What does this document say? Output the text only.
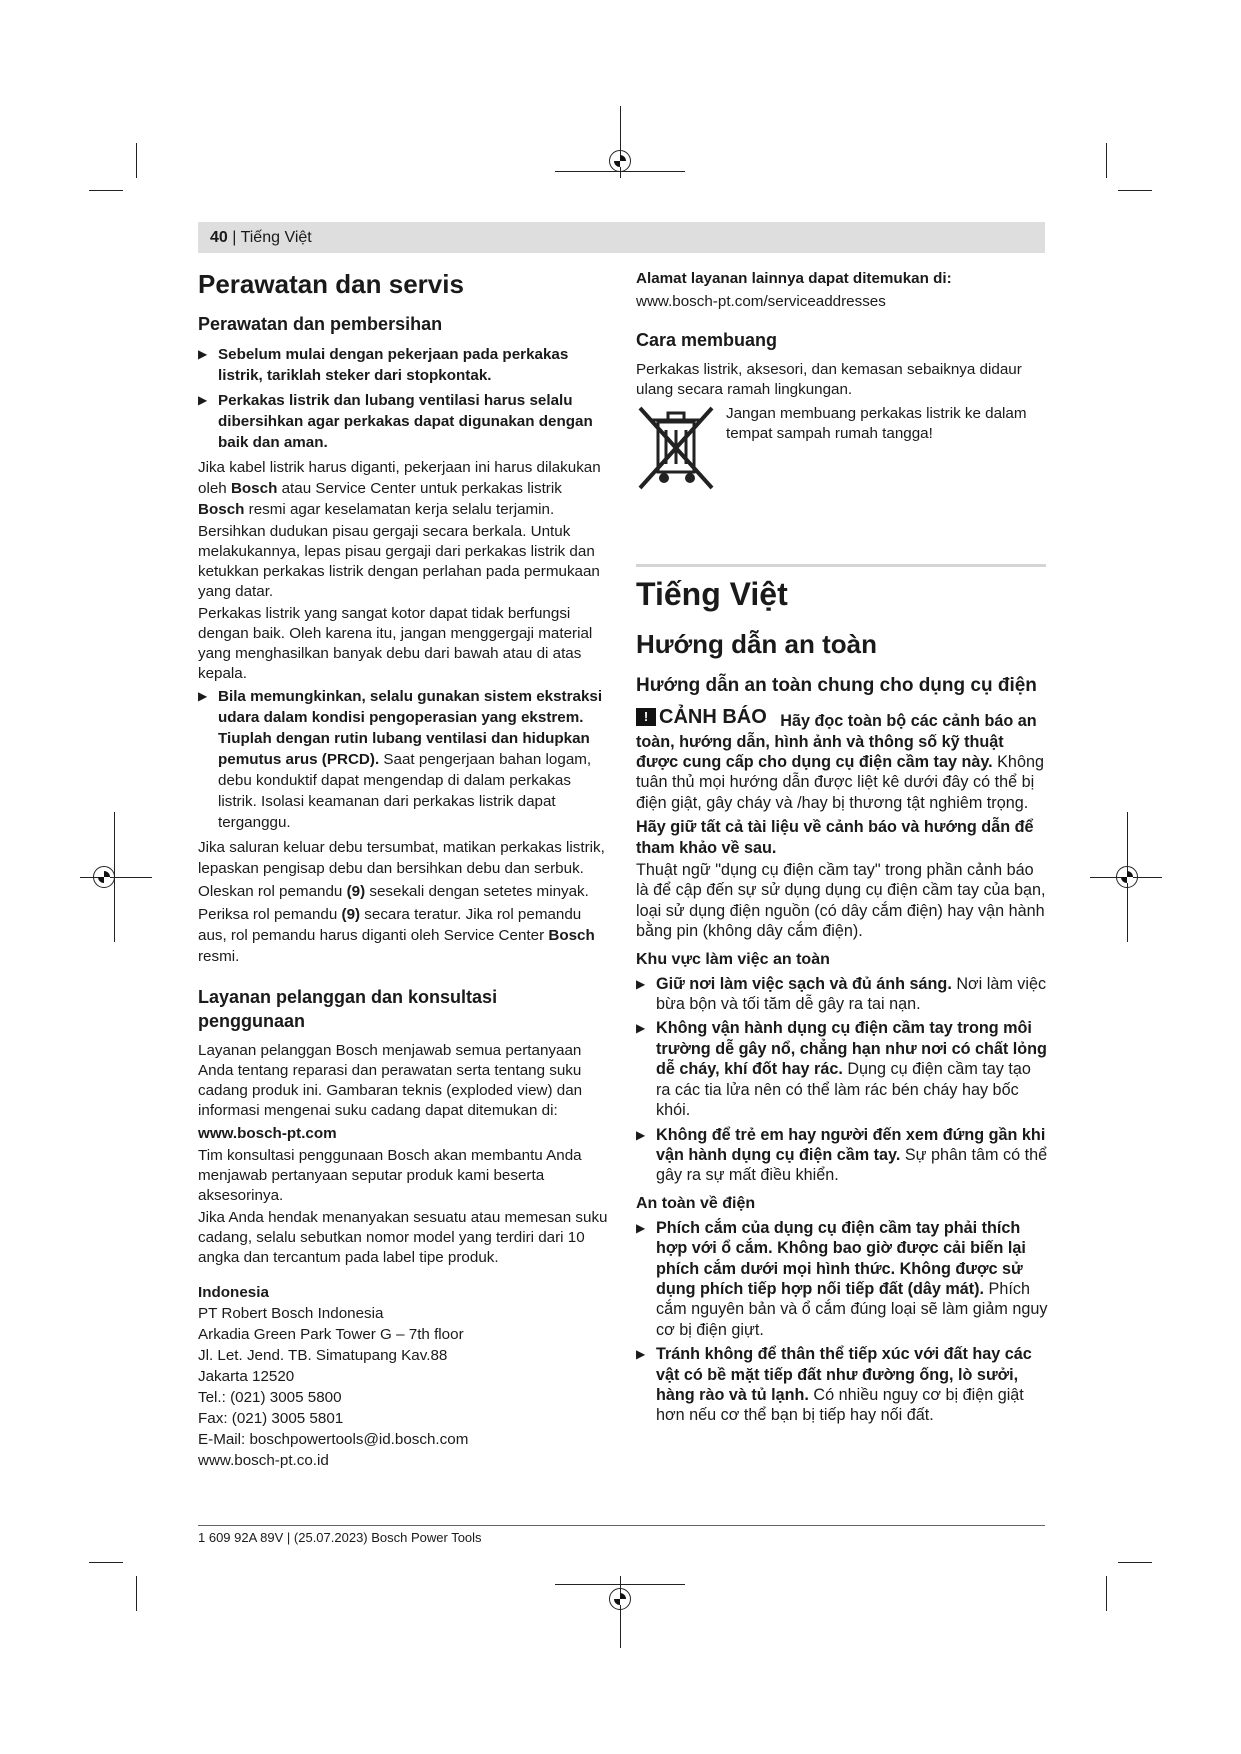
40 | Tiếng Việt
Perawatan dan servis
Perawatan dan pembersihan
▶ Sebelum mulai dengan pekerjaan pada perkakas listrik, tariklah steker dari stopkontak.
▶ Perkakas listrik dan lubang ventilasi harus selalu dibersihkan agar perkakas dapat digunakan dengan baik dan aman.

Jika kabel listrik harus diganti, pekerjaan ini harus dilakukan oleh Bosch atau Service Center untuk perkakas listrik Bosch resmi agar keselamatan kerja selalu terjamin.

Bersihkan dudukan pisau gergaji secara berkala. Untuk melakukannya, lepas pisau gergaji dari perkakas listrik dan ketukkan perkakas listrik dengan perlahan pada permukaan yang datar.

Perkakas listrik yang sangat kotor dapat tidak berfungsi dengan baik. Oleh karena itu, jangan menggergaji material yang menghasilkan banyak debu dari bawah atau di atas kepala.

▶ Bila memungkinkan, selalu gunakan sistem ekstraksi udara dalam kondisi pengoperasian yang ekstrem. Tiuplah dengan rutin lubang ventilasi dan hidupkan pemutus arus (PRCD). Saat pengerjaan bahan logam, debu konduktif dapat mengendap di dalam perkakas listrik. Isolasi keamanan dari perkakas listrik dapat terganggu.

Jika saluran keluar debu tersumbat, matikan perkakas listrik, lepaskan pengisap debu dan bersihkan debu dan serbuk.

Oleskan rol pemandu (9) sesekali dengan setetes minyak.

Periksa rol pemandu (9) secara teratur. Jika rol pemandu aus, rol pemandu harus diganti oleh Service Center Bosch resmi.

Layanan pelanggan dan konsultasi penggunaan

Layanan pelanggan Bosch menjawab semua pertanyaan Anda tentang reparasi dan perawatan serta tentang suku cadang produk ini. Gambaran teknis (exploded view) dan informasi mengenai suku cadang dapat ditemukan di:

www.bosch-pt.com

Tim konsultasi penggunaan Bosch akan membantu Anda menjawab pertanyaan seputar produk kami beserta aksesorinya.

Jika Anda hendak menanyakan sesuatu atau memesan suku cadang, selalu sebutkan nomor model yang terdiri dari 10 angka dan tercantum pada label tipe produk.

Indonesia
PT Robert Bosch Indonesia
Arkadia Green Park Tower G – 7th floor
Jl. Let. Jend. TB. Simatupang Kav.88
Jakarta 12520
Tel.: (021) 3005 5800
Fax: (021) 3005 5801
E-Mail: boschpowertools@id.bosch.com
www.bosch-pt.co.id

Alamat layanan lainnya dapat ditemukan di:

www.bosch-pt.com/serviceaddresses

Cara membuang

Perkakas listrik, aksesori, dan kemasan sebaiknya didaur ulang secara ramah lingkungan.

Jangan membuang perkakas listrik ke dalam tempat sampah rumah tangga!
Tiếng Việt
Hướng dẫn an toàn
Hướng dẫn an toàn chung cho dụng cụ điện
! CẢNH BÁO Hãy đọc toàn bộ các cảnh báo an toàn, hướng dẫn, hình ảnh và thông số kỹ thuật được cung cấp cho dụng cụ điện cầm tay này. Không tuân thủ mọi hướng dẫn được liệt kê dưới đây có thể bị điện giật, gây cháy và /hay bị thương tật nghiêm trọng.
Hãy giữ tất cả tài liệu về cảnh báo và hướng dẫn để tham khảo về sau.
Thuật ngữ "dụng cụ điện cầm tay" trong phần cảnh báo là để cập đến sự sử dụng dụng cụ điện cầm tay của bạn, loại sử dụng điện nguồn (có dây cắm điện) hay vận hành bằng pin (không dây cắm điện).
Khu vực làm việc an toàn
▶ Giữ nơi làm việc sạch và đủ ánh sáng. Nơi làm việc bừa bộn và tối tăm dễ gây ra tai nạn.
▶ Không vận hành dụng cụ điện cầm tay trong môi trường dễ gây nổ, chẳng hạn như nơi có chất lỏng dễ cháy, khí đốt hay rác. Dụng cụ điện cầm tay tạo ra các tia lửa nên có thể làm rác bén cháy hay bốc khói.
▶ Không để trẻ em hay người đến xem đứng gần khi vận hành dụng cụ điện cầm tay. Sự phân tâm có thể gây ra sự mất điều khiển.
An toàn về điện
▶ Phích cắm của dụng cụ điện cầm tay phải thích hợp với ổ cắm. Không bao giờ được cải biến lại phích cắm dưới mọi hình thức. Không được sử dụng phích tiếp hợp nối tiếp đất (dây mát). Phích cắm nguyên bản và ổ cắm đúng loại sẽ làm giảm nguy cơ bị điện giựt.
▶ Tránh không để thân thể tiếp xúc với đất hay các vật có bề mặt tiếp đất như đường ống, lò sưởi, hàng rào và tủ lạnh. Có nhiều nguy cơ bị điện giật hơn nếu cơ thể bạn bị tiếp hay nối đất.
1 609 92A 89V | (25.07.2023) Bosch Power Tools
